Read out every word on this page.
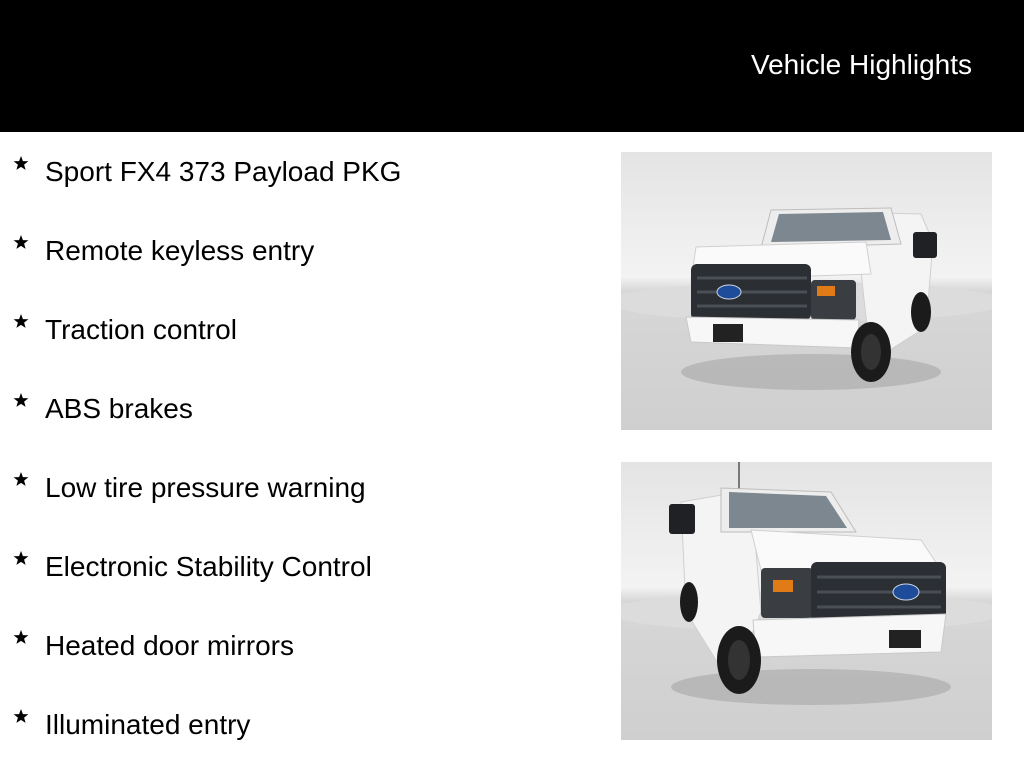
Vehicle Highlights
Sport FX4 373 Payload PKG
Remote keyless entry
Traction control
ABS brakes
Low tire pressure warning
Electronic Stability Control
Heated door mirrors
Illuminated entry
